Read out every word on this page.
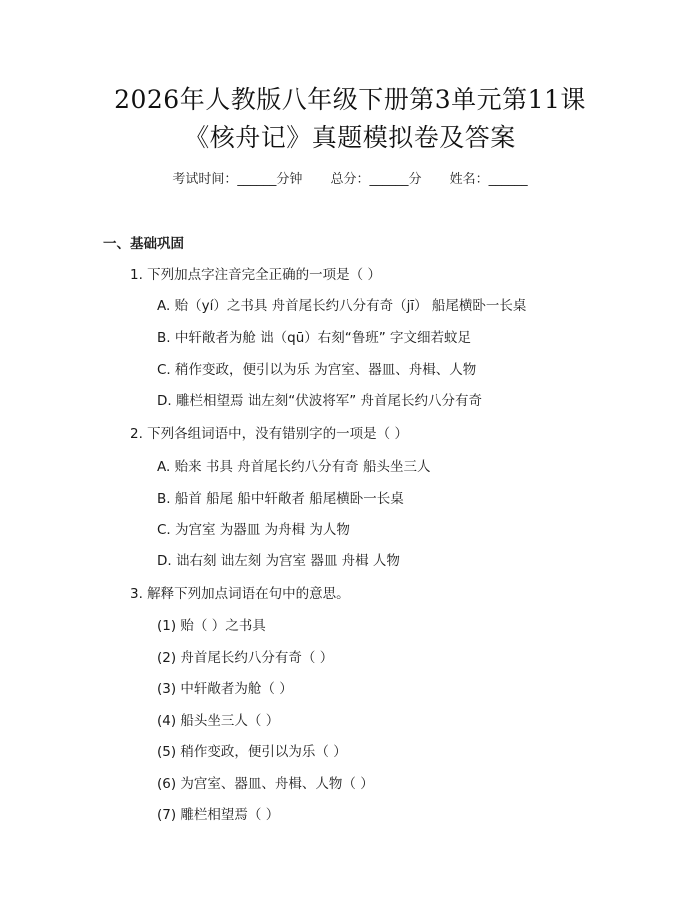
2026年人教版八年级下册第3单元第11课
《核舟记》真题模拟卷及答案
考试时间：______分钟 总分：______分 姓名：______
一、基础巩固
1. 下列加点字注音完全正确的一项是（ ）
A. 贻（yí）之书具 舟首尾长约八分有奇（jī） 船尾横卧一长桌
B. 中轩敞者为舱 诎（qū）右刻“鲁班” 字文细若蚊足
C. 稍作变政，便引以为乐 为宫室、器皿、舟楫、人物
D. 雕栏相望焉 诎左刻“伏波将军” 舟首尾长约八分有奇
2. 下列各组词语中，没有错别字的一项是（ ）
A. 贻来 书具 舟首尾长约八分有奇 船头坐三人
B. 船首 船尾 船中轩敞者 船尾横卧一长桌
C. 为宫室 为器皿 为舟楫 为人物
D. 诎右刻 诎左刻 为宫室 器皿 舟楫 人物
3. 解释下列加点词语在句中的意思。
(1) 贻（ ）之书具
(2) 舟首尾长约八分有奇（ ）
(3) 中轩敞者为舱（ ）
(4) 船头坐三人（ ）
(5) 稍作变政，便引以为乐（ ）
(6) 为宫室、器皿、舟楫、人物（ ）
(7) 雕栏相望焉（ ）
